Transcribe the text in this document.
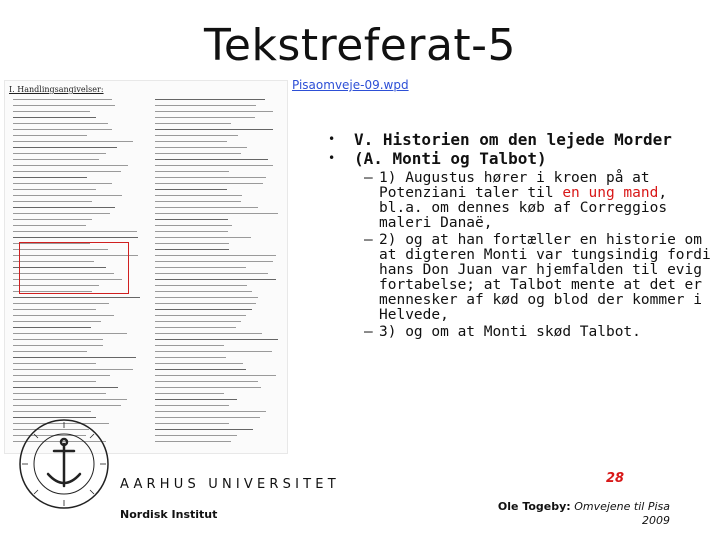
Tekstreferat-5
Pisaomveje-09.wpd
I. Handlingsangivelser:
• V. Historien om den lejede Morder
• (A. Monti og Talbot)
– 1) Augustus hører i kroen på at Potenziani taler til en ung mand, bl.a. om dennes køb af Correggios maleri Danaë,
– 2) og at han fortæller en historie om at digteren Monti var tungsindig fordi hans Don Juan var hjemfalden til evig fortabelse; at Talbot mente at det er mennesker af kød og blod der kommer i Helvede,
– 3) og om at Monti skød Talbot.
AARHUS UNIVERSITET
Nordisk Institut
28
Ole Togeby: Omvejene til Pisa
2009
